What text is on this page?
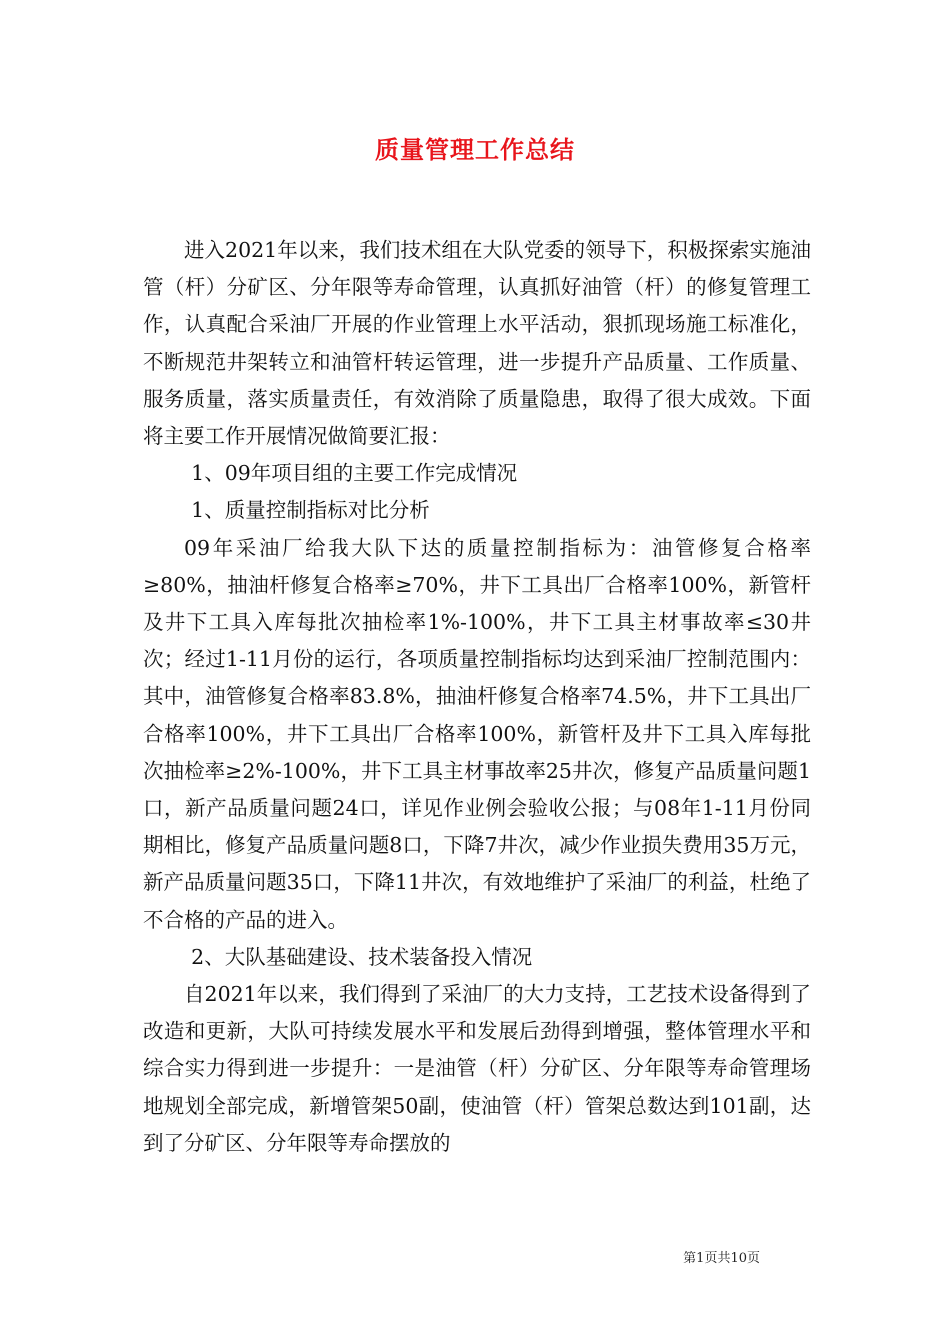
质量管理工作总结

进入2021年以来，我们技术组在大队党委的领导下，积极探索实施油管（杆）分矿区、分年限等寿命管理，认真抓好油管（杆）的修复管理工作，认真配合采油厂开展的作业管理上水平活动，狠抓现场施工标准化，不断规范井架转立和油管杆转运管理，进一步提升产品质量、工作质量、服务质量，落实质量责任，有效消除了质量隐患，取得了很大成效。下面将主要工作开展情况做简要汇报：

1、09年项目组的主要工作完成情况

1、质量控制指标对比分析

09年采油厂给我大队下达的质量控制指标为：油管修复合格率≥80%，抽油杆修复合格率≥70%，井下工具出厂合格率100%，新管杆及井下工具入库每批次抽检率1%-100%，井下工具主材事故率≤30井次；经过1-11月份的运行，各项质量控制指标均达到采油厂控制范围内：其中，油管修复合格率83.8%，抽油杆修复合格率74.5%，井下工具出厂合格率100%，井下工具出厂合格率100%，新管杆及井下工具入库每批次抽检率≥2%-100%，井下工具主材事故率25井次，修复产品质量问题1口，新产品质量问题24口，详见作业例会验收公报；与08年1-11月份同期相比，修复产品质量问题8口，下降7井次，减少作业损失费用35万元，新产品质量问题35口，下降11井次，有效地维护了采油厂的利益，杜绝了不合格的产品的进入。

2、大队基础建设、技术装备投入情况

自2021年以来，我们得到了采油厂的大力支持，工艺技术设备得到了改造和更新，大队可持续发展水平和发展后劲得到增强，整体管理水平和综合实力得到进一步提升：一是油管（杆）分矿区、分年限等寿命管理场地规划全部完成，新增管架50副，使油管（杆）管架总数达到101副，达到了分矿区、分年限等寿命摆放的

第1页共10页
